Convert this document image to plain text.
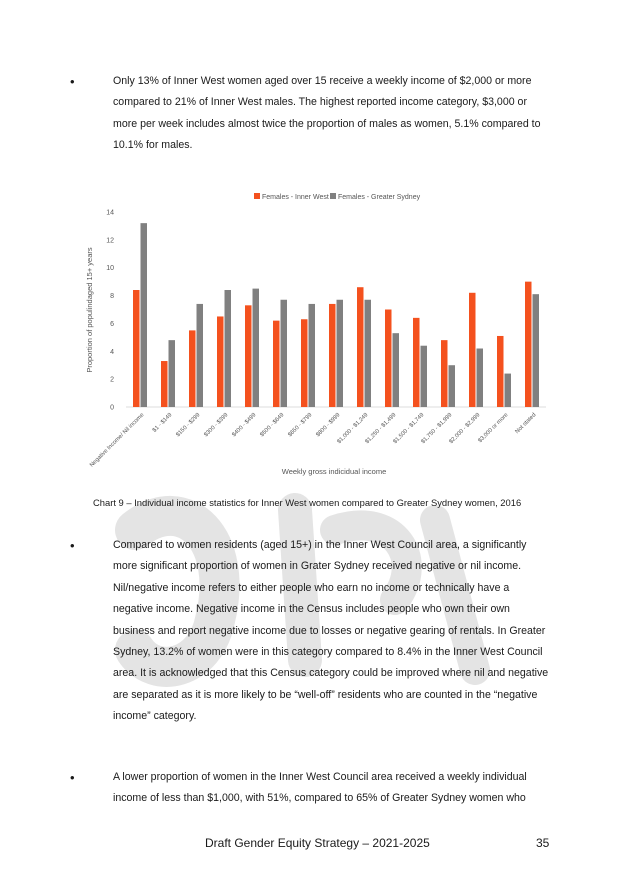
•	Only 13% of Inner West women aged over 15 receive a weekly income of $2,000 or more compared to 21% of Inner West males. The highest reported income category, $3,000 or more per week includes almost twice the proportion of males as women, 5.1% compared to 10.1% for males.
Females - Inner West Females - Greater Sydney
0
2
4
6
8
10
12
14
Negative Income/ Nil income $1 - $149 $150 - $299 $300 - $399 $400 - $499 $500 - $649 $650 - $799 $800 - $999
$1,000 - $1,249
$1,250 - $1,499
$1,500 - $1,749
$1,750 - $1,999
$2,000 - $2,999
$3,000 or more Not stated
Proportion of populindaged 15+ years
Weekly gross indicidual income
Chart 9 – Individual income statistics for Inner West women compared to Greater Sydney women, 2016
•	Compared to women residents (aged 15+) in the Inner West Council area, a significantly more significant proportion of women in Grater Sydney received negative or nil income. Nil/negative income refers to either people who earn no income or technically have a negative income. Negative income in the Census includes people who own their own business and report negative income due to losses or negative gearing of rentals. In Greater Sydney, 13.2% of women were in this category compared to 8.4% in the Inner West Council area. It is acknowledged that this Census category could be improved where nil and negative are separated as it is more likely to be “well-off” residents who are counted in the “negative income” category.
•	A lower proportion of women in the Inner West Council area received a weekly individual income of less than $1,000, with 51%, compared to 65% of Greater Sydney women who
Draft Gender Equity Strategy – 2021-2025	35
